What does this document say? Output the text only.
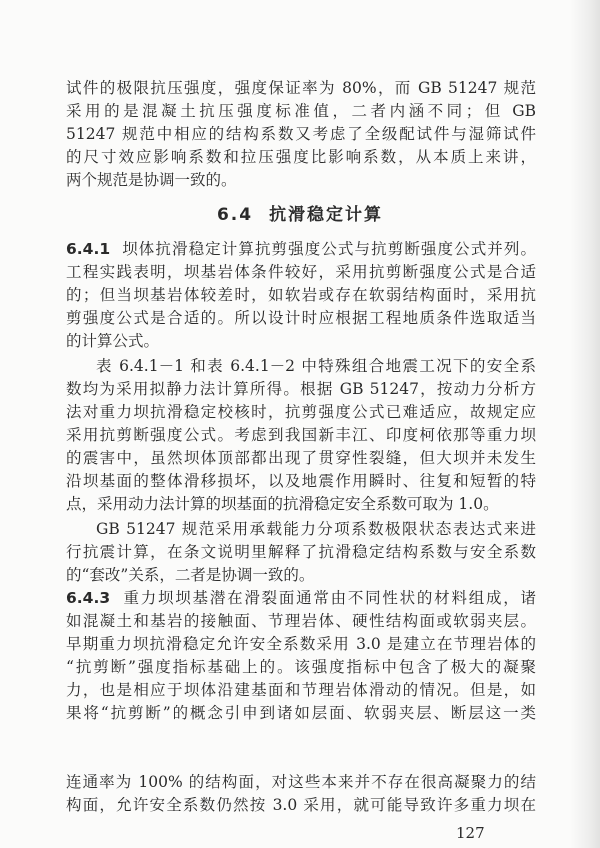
试件的极限抗压强度，强度保证率为 80%，而 GB 51247 规范
采用的是混凝土抗压强度标准值，二者内涵不同；但 GB
51247 规范中相应的结构系数又考虑了全级配试件与湿筛试件
的尺寸效应影响系数和拉压强度比影响系数，从本质上来讲，
两个规范是协调一致的。
6.4 抗滑稳定计算
6.4.1 坝体抗滑稳定计算抗剪强度公式与抗剪断强度公式并列。
工程实践表明，坝基岩体条件较好，采用抗剪断强度公式是合适
的；但当坝基岩体较差时，如软岩或存在软弱结构面时，采用抗
剪强度公式是合适的。所以设计时应根据工程地质条件选取适当
的计算公式。
表 6.4.1－1 和表 6.4.1－2 中特殊组合地震工况下的安全系
数均为采用拟静力法计算所得。根据 GB 51247，按动力分析方
法对重力坝抗滑稳定校核时，抗剪强度公式已难适应，故规定应
采用抗剪断强度公式。考虑到我国新丰江、印度柯依那等重力坝
的震害中，虽然坝体顶部都出现了贯穿性裂缝，但大坝并未发生
沿坝基面的整体滑移损坏，以及地震作用瞬时、往复和短暂的特
点，采用动力法计算的坝基面的抗滑稳定安全系数可取为 1.0。
GB 51247 规范采用承载能力分项系数极限状态表达式来进
行抗震计算，在条文说明里解释了抗滑稳定结构系数与安全系数
的“套改”关系，二者是协调一致的。
6.4.3 重力坝坝基潜在滑裂面通常由不同性状的材料组成，诸
如混凝土和基岩的接触面、节理岩体、硬性结构面或软弱夹层。
早期重力坝抗滑稳定允许安全系数采用 3.0 是建立在节理岩体的
“抗剪断”强度指标基础上的。该强度指标中包含了极大的凝聚
力，也是相应于坝体沿建基面和节理岩体滑动的情况。但是，如
果将“抗剪断”的概念引申到诸如层面、软弱夹层、断层这一类
127
连通率为 100% 的结构面，对这些本来并不存在很高凝聚力的结
构面，允许安全系数仍然按 3.0 采用，就可能导致许多重力坝在
